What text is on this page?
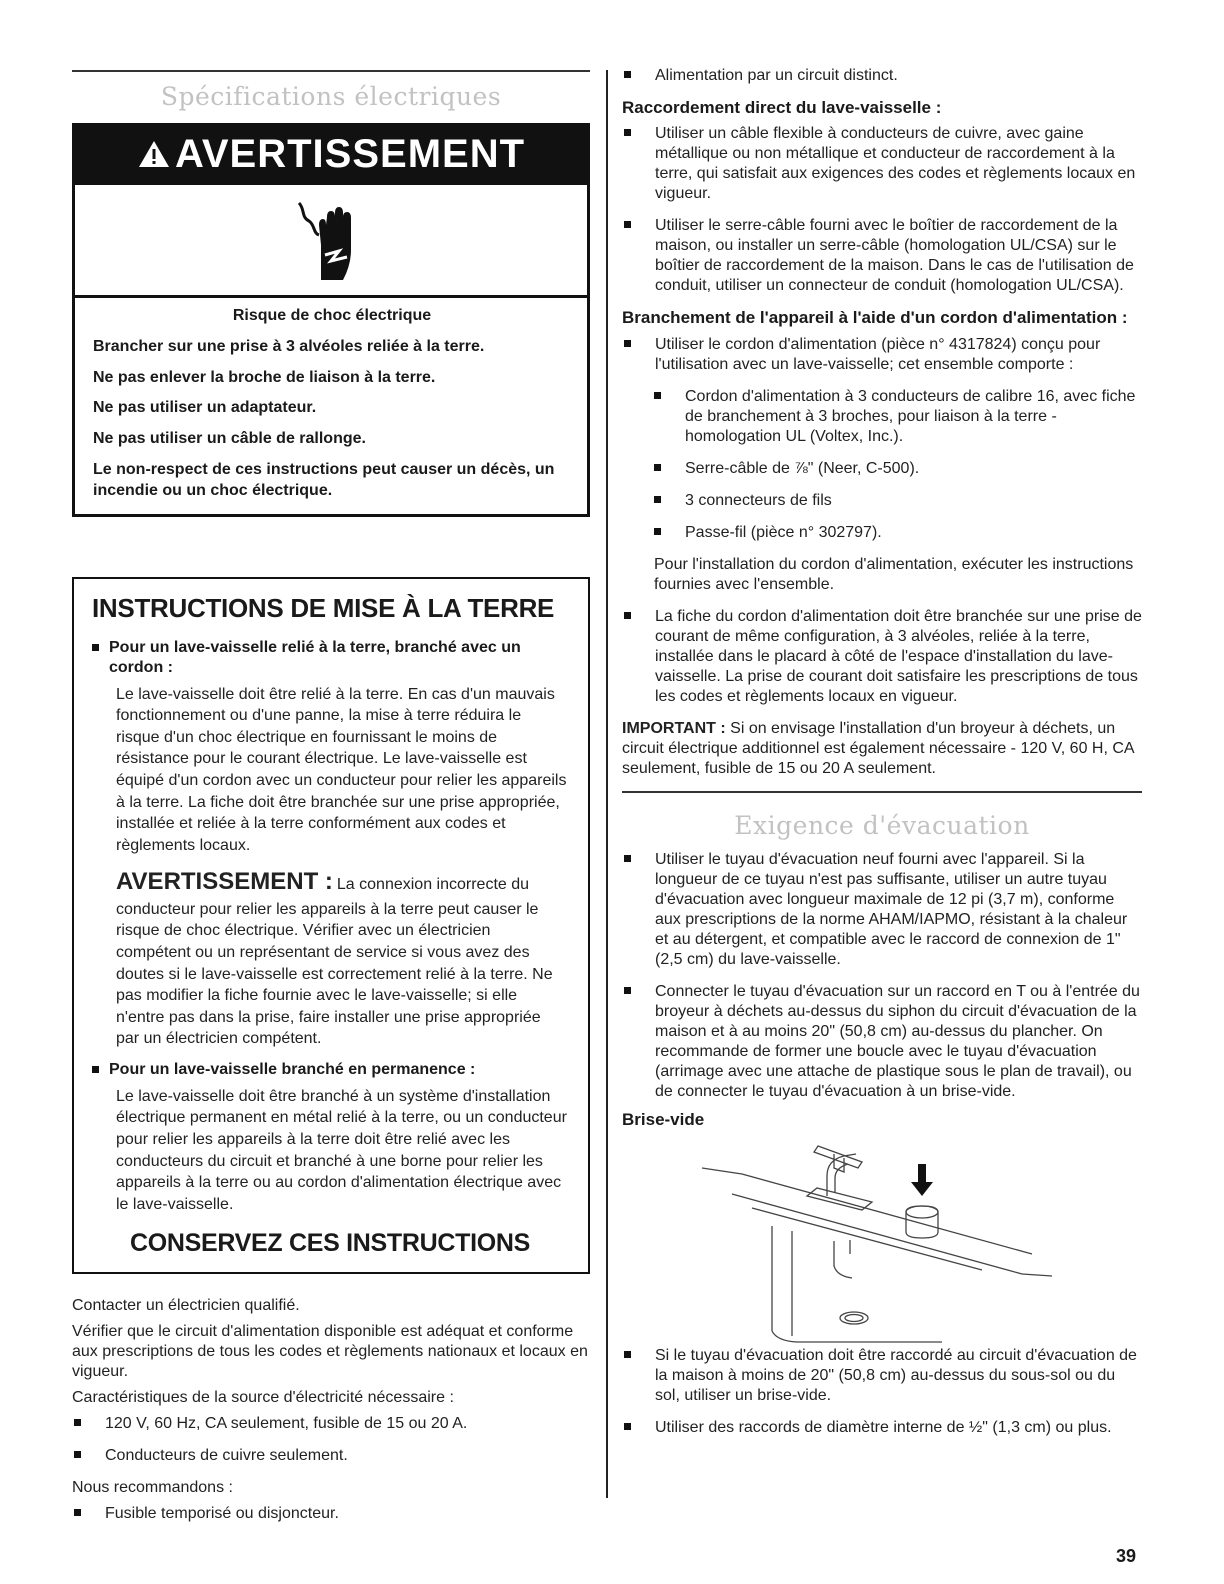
Spécifications électriques
AVERTISSEMENT

Risque de choc électrique

Brancher sur une prise à 3 alvéoles reliée à la terre.

Ne pas enlever la broche de liaison à la terre.

Ne pas utiliser un adaptateur.

Ne pas utiliser un câble de rallonge.

Le non-respect de ces instructions peut causer un décès, un incendie ou un choc électrique.

INSTRUCTIONS DE MISE À LA TERRE
Pour un lave-vaisselle relié à la terre, branché avec un cordon :

Le lave-vaisselle doit être relié à la terre. En cas d'un mauvais fonctionnement ou d'une panne, la mise à terre réduira le risque d'un choc électrique en fournissant le moins de résistance pour le courant électrique. Le lave-vaisselle est équipé d'un cordon avec un conducteur pour relier les appareils à la terre. La fiche doit être branchée sur une prise appropriée, installée et reliée à la terre conformément aux codes et règlements locaux.

AVERTISSEMENT : La connexion incorrecte du conducteur pour relier les appareils à la terre peut causer le risque de choc électrique. Vérifier avec un électricien compétent ou un représentant de service si vous avez des doutes si le lave-vaisselle est correctement relié à la terre. Ne pas modifier la fiche fournie avec le lave-vaisselle; si elle n'entre pas dans la prise, faire installer une prise appropriée par un électricien compétent.

Pour un lave-vaisselle branché en permanence :

Le lave-vaisselle doit être branché à un système d'installation électrique permanent en métal relié à la terre, ou un conducteur pour relier les appareils à la terre doit être relié avec les conducteurs du circuit et branché à une borne pour relier les appareils à la terre ou au cordon d'alimentation électrique avec le lave-vaisselle.

CONSERVEZ CES INSTRUCTIONS

Contacter un électricien qualifié.

Vérifier que le circuit d'alimentation disponible est adéquat et conforme aux prescriptions de tous les codes et règlements nationaux et locaux en vigueur.

Caractéristiques de la source d'électricité nécessaire :

120 V, 60 Hz, CA seulement, fusible de 15 ou 20 A.
Conducteurs de cuivre seulement.

Nous recommandons :

Fusible temporisé ou disjoncteur.
Alimentation par un circuit distinct.
Raccordement direct du lave-vaisselle :
Utiliser un câble flexible à conducteurs de cuivre, avec gaine métallique ou non métallique et conducteur de raccordement à la terre, qui satisfait aux exigences des codes et règlements locaux en vigueur.
Utiliser le serre-câble fourni avec le boîtier de raccordement de la maison, ou installer un serre-câble (homologation UL/CSA) sur le boîtier de raccordement de la maison. Dans le cas de l'utilisation de conduit, utiliser un connecteur de conduit (homologation UL/CSA).
Branchement de l'appareil à l'aide d'un cordon d'alimentation :
Utiliser le cordon d'alimentation (pièce n° 4317824) conçu pour l'utilisation avec un lave-vaisselle; cet ensemble comporte :
Cordon d'alimentation à 3 conducteurs de calibre 16, avec fiche de branchement à 3 broches, pour liaison à la terre - homologation UL (Voltex, Inc.).
Serre-câble de ⅞" (Neer, C-500).
3 connecteurs de fils
Passe-fil (pièce n° 302797).

Pour l'installation du cordon d'alimentation, exécuter les instructions fournies avec l'ensemble.

La fiche du cordon d'alimentation doit être branchée sur une prise de courant de même configuration, à 3 alvéoles, reliée à la terre, installée dans le placard à côté de l'espace d'installation du lave-vaisselle. La prise de courant doit satisfaire les prescriptions de tous les codes et règlements locaux en vigueur.

IMPORTANT : Si on envisage l'installation d'un broyeur à déchets, un circuit électrique additionnel est également nécessaire - 120 V, 60 H, CA seulement, fusible de 15 ou 20 A seulement.

Exigence d'évacuation
Utiliser le tuyau d'évacuation neuf fourni avec l'appareil. Si la longueur de ce tuyau n'est pas suffisante, utiliser un autre tuyau d'évacuation avec longueur maximale de 12 pi (3,7 m), conforme aux prescriptions de la norme AHAM/IAPMO, résistant à la chaleur et au détergent, et compatible avec le raccord de connexion de 1" (2,5 cm) du lave-vaisselle.
Connecter le tuyau d'évacuation sur un raccord en T ou à l'entrée du broyeur à déchets au-dessus du siphon du circuit d'évacuation de la maison et à au moins 20" (50,8 cm) au-dessus du plancher. On recommande de former une boucle avec le tuyau d'évacuation (arrimage avec une attache de plastique sous le plan de travail), ou de connecter le tuyau d'évacuation à un brise-vide.
Brise-vide
Si le tuyau d'évacuation doit être raccordé au circuit d'évacuation de la maison à moins de 20" (50,8 cm) au-dessus du sous-sol ou du sol, utiliser un brise-vide.
Utiliser des raccords de diamètre interne de ½" (1,3 cm) ou plus.
39
